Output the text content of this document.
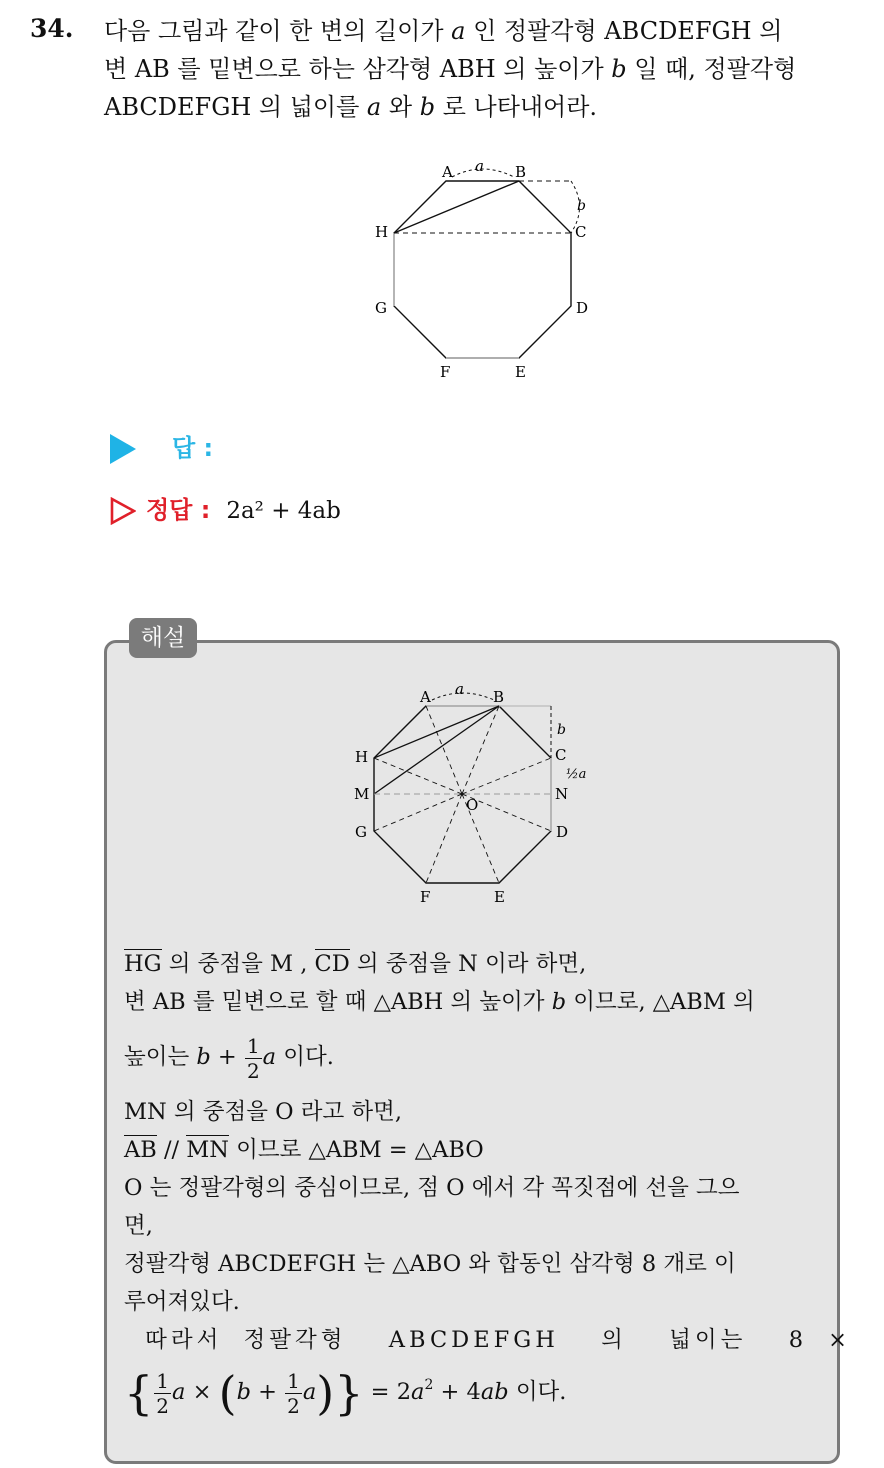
34. 다음 그림과 같이 한 변의 길이가 a 인 정팔각형 ABCDEFGH 의
변 AB 를 밑변으로 하는 삼각형 ABH 의 높이가 b 일 때, 정팔각형
ABCDEFGH 의 넓이를 a 와 b 로 나타내어라.
A	B
C
D
E
F
G
H
a
b
답 :
정답 : 2a² + 4ab
해설
A	B
C
D
E
F
G
H
M	N
O
a
b
½a
HG 의 중점을 M , CD 의 중점을 N 이라 하면,
변 AB 를 밑변으로 할 때 △ABH 의 높이가 b 이므로, △ABM 의
높이는 $b + \frac{1}{2}$ a 이다.
MN 의 중점을 O 라고 하면,
AB // MN 이므로 △ABM = △ABO
O 는 정팔각형의 중심이므로, 점 O 에서 각 꼭짓점에 선을 그으
면,
정팔각형 ABCDEFGH 는 △ABO 와 합동인 삼각형 8 개로 이
루어져있다.
따라서 정팔각형  ABCDEFGH  의  넓이는  8 ×
{ $\frac{1}{2}$ $a \times (b + \frac{1}{2} a)\} = 2a^2 + 4ab$ 이다.
